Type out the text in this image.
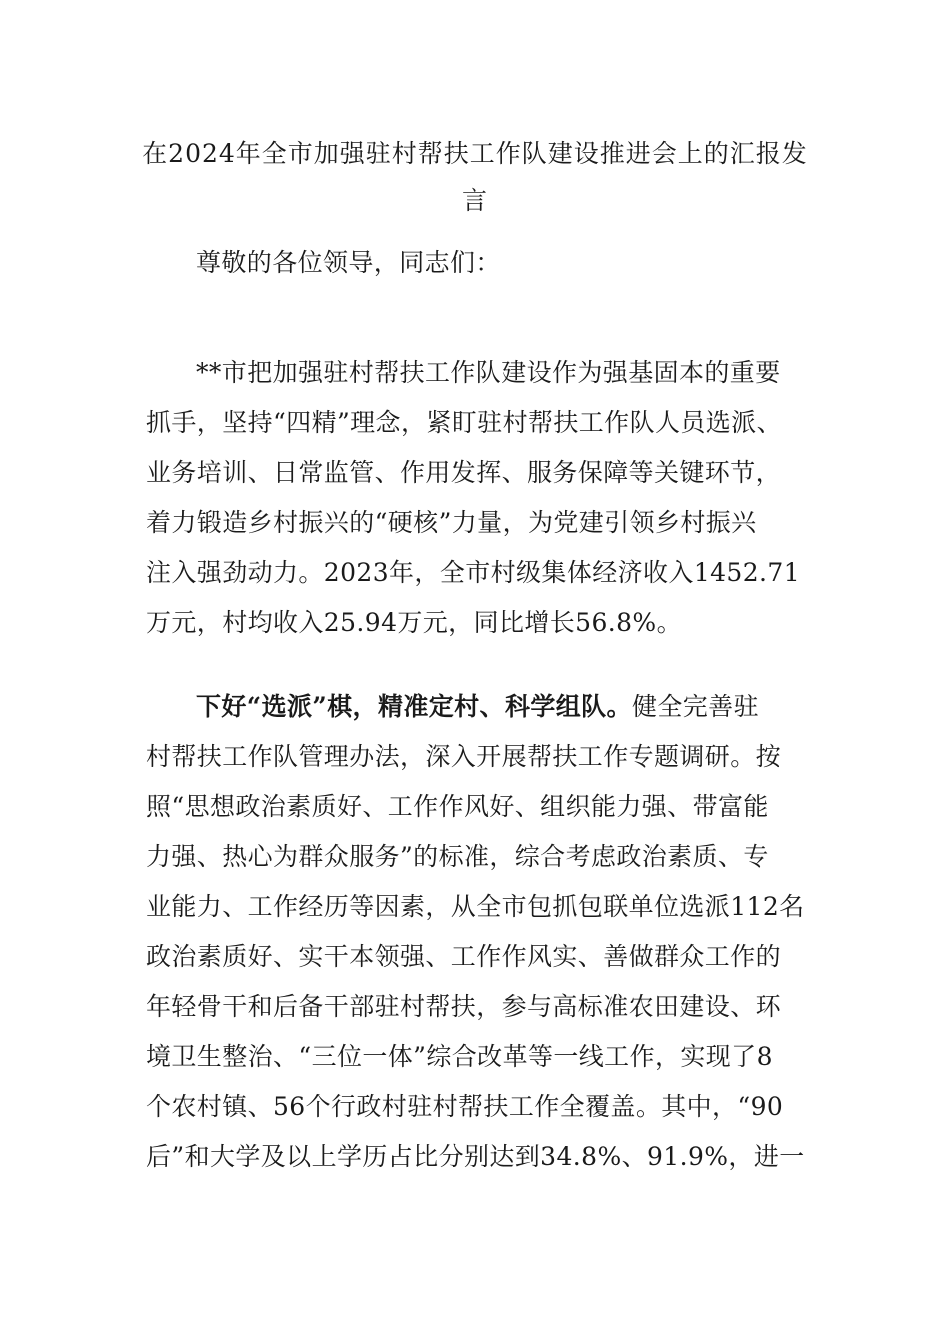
在2024年全市加强驻村帮扶工作队建设推进会上的汇报发
言
尊敬的各位领导，同志们：
**市把加强驻村帮扶工作队建设作为强基固本的重要
抓手，坚持“四精”理念，紧盯驻村帮扶工作队人员选派、
业务培训、日常监管、作用发挥、服务保障等关键环节，
着力锻造乡村振兴的“硬核”力量，为党建引领乡村振兴
注入强劲动力。2023年，全市村级集体经济收入1452.71
万元，村均收入25.94万元，同比增长56.8%。
下好“选派”棋，精准定村、科学组队。健全完善驻
村帮扶工作队管理办法，深入开展帮扶工作专题调研。按
照“思想政治素质好、工作作风好、组织能力强、带富能
力强、热心为群众服务”的标准，综合考虑政治素质、专
业能力、工作经历等因素，从全市包抓包联单位选派112名
政治素质好、实干本领强、工作作风实、善做群众工作的
年轻骨干和后备干部驻村帮扶，参与高标准农田建设、环
境卫生整治、“三位一体”综合改革等一线工作，实现了8
个农村镇、56个行政村驻村帮扶工作全覆盖。其中，“90
后”和大学及以上学历占比分别达到34.8%、91.9%，进一
